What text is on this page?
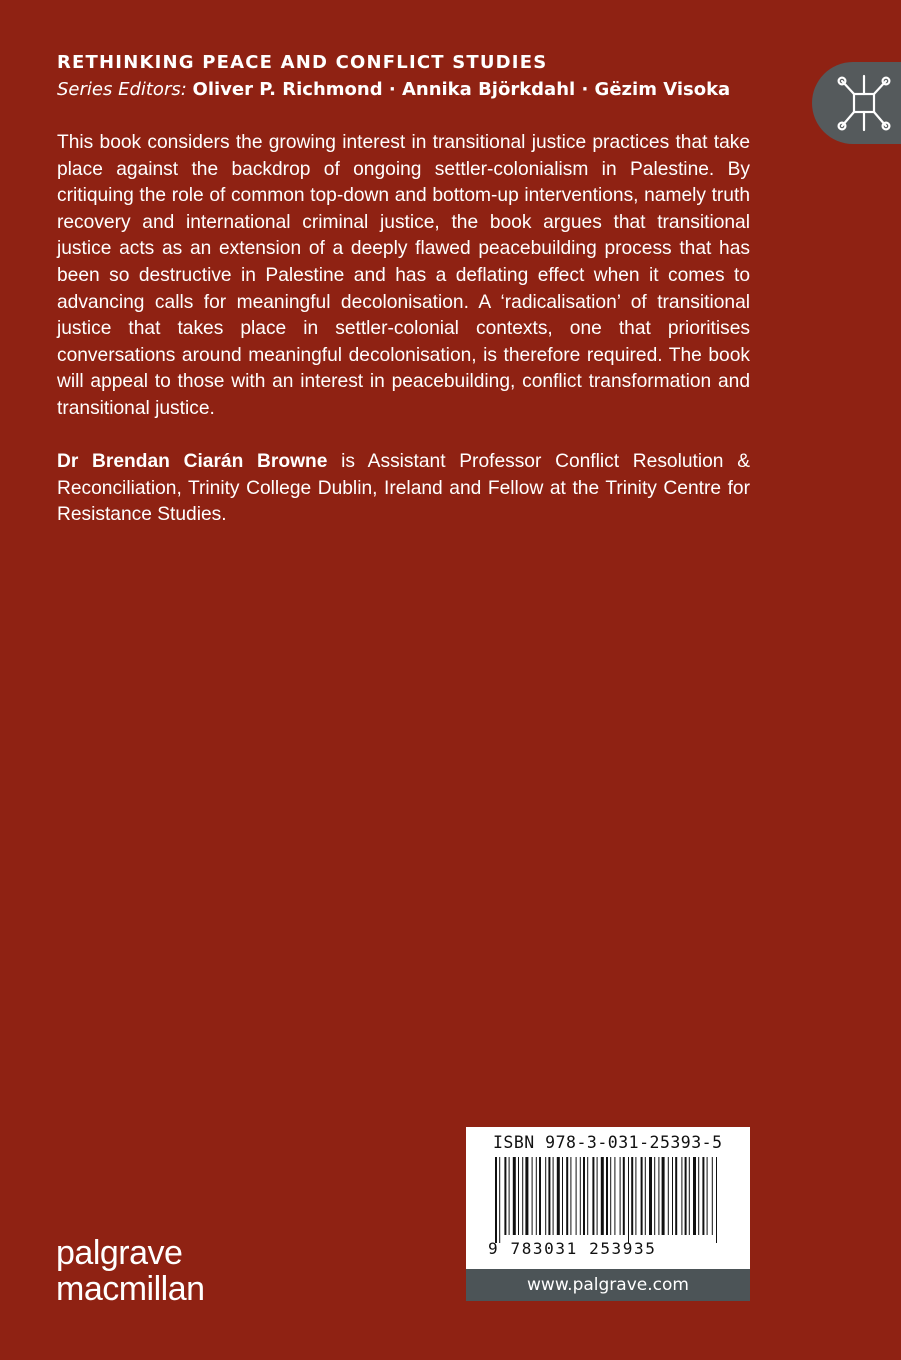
RETHINKING PEACE AND CONFLICT STUDIES
Series Editors: Oliver P. Richmond · Annika Björkdahl · Gëzim Visoka

This book considers the growing interest in transitional justice practices that take place against the backdrop of ongoing settler-colonialism in Palestine. By critiquing the role of common top-down and bottom-up interventions, namely truth recovery and international criminal justice, the book argues that transitional justice acts as an extension of a deeply flawed peacebuilding process that has been so destructive in Palestine and has a deflating effect when it comes to advancing calls for meaningful decolonisation. A ‘radicalisation’ of transitional justice that takes place in settler-colonial contexts, one that prioritises conversations around meaningful decolonisation, is therefore required. The book will appeal to those with an interest in peacebuilding, conflict transformation and transitional justice.

Dr Brendan Ciarán Browne is Assistant Professor Conflict Resolution & Reconciliation, Trinity College Dublin, Ireland and Fellow at the Trinity Centre for Resistance Studies.

palgrave
macmillan
ISBN 978-3-031-25393-5
9 783031 253935
www.palgrave.com
